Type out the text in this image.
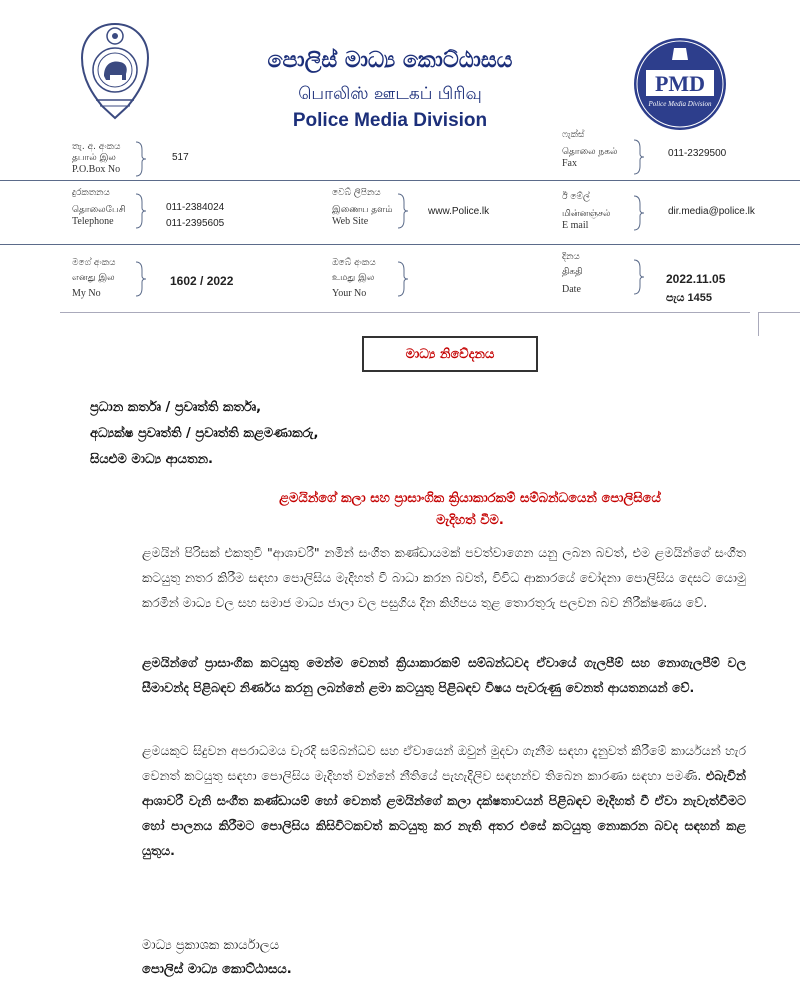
පොලිස් මාධ්‍ය කොට්ඨාසය
பொலிஸ் ஊடகப் பிரிவு
Police Media Division
PMD
Police Media Division
තැ. අ. අංකය
தபால் இல
P.O.Box No
517
ෆැක්ස්
தொலை நகல்
Fax
011-2329500
දුරකතනය
தொலைபேசி
Telephone
011-2384024
011-2395605
වෙබ් ලිපිනය
இணைய தளம்
Web Site
www.Police.lk
ඊ මේල්
மின்னஞ்சல்
E mail
dir.media@police.lk
මගේ අංකය
எனது இல
My No
1602 / 2022
ඔබේ අංකය
உமது இல
Your No
දිනය
திகதி
Date
2022.11.05
පැය 1455
මාධ්‍ය නිවේදනය
ප්‍රධාන කර්තෘ / ප්‍රවෘත්ති කර්තෘ,
අධ්‍යක්ෂ ප්‍රවෘත්ති / ප්‍රවෘත්ති කළමණාකරු,
සියළුම මාධ්‍ය ආයතන.
ළමයින්ගේ කලා සහ ප්‍රාසාංගික ක්‍රියාකාරකම් සම්බන්ධයෙන් පොලිසියේ
මැදිහත් වීම.
ළමයින් පිරිසක් එකතුවී "ආශාවරී" නමින් සංගීත කණ්ඩායමක් පවත්වාගෙන යනු ලබන බවත්, එම ළමයින්ගේ සංගීත කටයුතු නතර කිරීම සඳහා පොලිසිය මැදිහත් වී බාධා කරන බවත්, විවිධ ආකාරයේ චෝදනා පොලිසිය දෙසට යොමු කරමින් මාධ්‍ය වල සහ සමාජ මාධ්‍ය ජාලා වල පසුගිය දින කිහිපය තුළ තොරතුරු පලවන බව නිරීක්ෂණය වේ.
ළමයින්ගේ ප්‍රාසාංගික කටයුතු මෙන්ම වෙනත් ක්‍රියාකාරකම් සම්බන්ධවද ඒවායේ ගැලපීම් සහ නොගැලපීම් වල සීමාවන්ද පිළිබඳව නිර්ණය කරනු ලබන්නේ ළමා කටයුතු පිළිබඳව විෂය පැවරුණු වෙනත් ආයතනයන් වේ.
ළමයකුට සිදුවන අපරාධමය වැරදි සම්බන්ධව සහ ඒවායෙන් ඔවුන් මුදවා ගැනීම සඳහා දැනුවත් කිරීමේ කාර්යයන් හැර වෙනත් කටයුතු සඳහා පොලිසිය මැදිහත් වන්නේ නීතියේ පැහැදිලිව සඳහන්ව තිබෙන කාරණා සඳහා පමණි. එබැවින් ආශාවරී වැනි සංගීත කණ්ඩායම් හෝ වෙනත් ළමයින්ගේ කලා දක්ෂතාවයන් පිළිබඳව මැදිහත් වී ඒවා නැවැත්වීමට හෝ පාලනය කිරීමට පොලිසිය කිසිවිටකවත් කටයුතු කර නැති අතර එසේ කටයුතු නොකරන බවද සඳහන් කළ යුතුය.
මාධ්‍ය ප්‍රකාශක කාර්යාලය
පොලිස් මාධ්‍ය කොට්ඨාසය.
